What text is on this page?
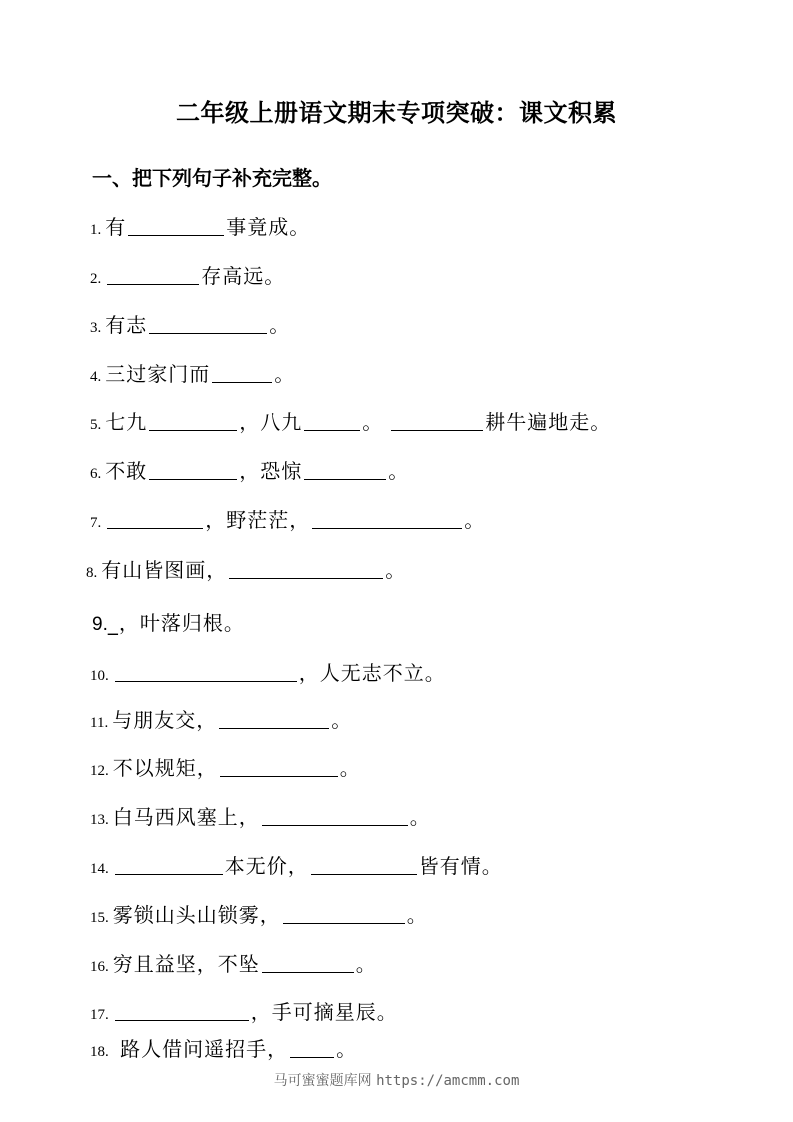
二年级上册语文期末专项突破：课文积累
一、把下列句子补充完整。
1. 有	事竟成。
2.	存高远。
3. 有志	。
4. 三过家门而	。
5. 七九	，八九	。	耕牛遍地走。
6. 不敢	，恐惊	。
7.	，野茫茫，	。
8. 有山皆图画，	。
9._，叶落归根。
10.	，人无志不立。
11. 与朋友交，	。
12. 不以规矩，	。
13. 白马西风塞上，	。
14.	本无价，	皆有情。
15. 雾锁山头山锁雾，	。
16. 穷且益坚，不坠	。
17.	，手可摘星辰。
18. 路人借问遥招手， 。
马可蜜蜜题库网 https://amcmm.com
